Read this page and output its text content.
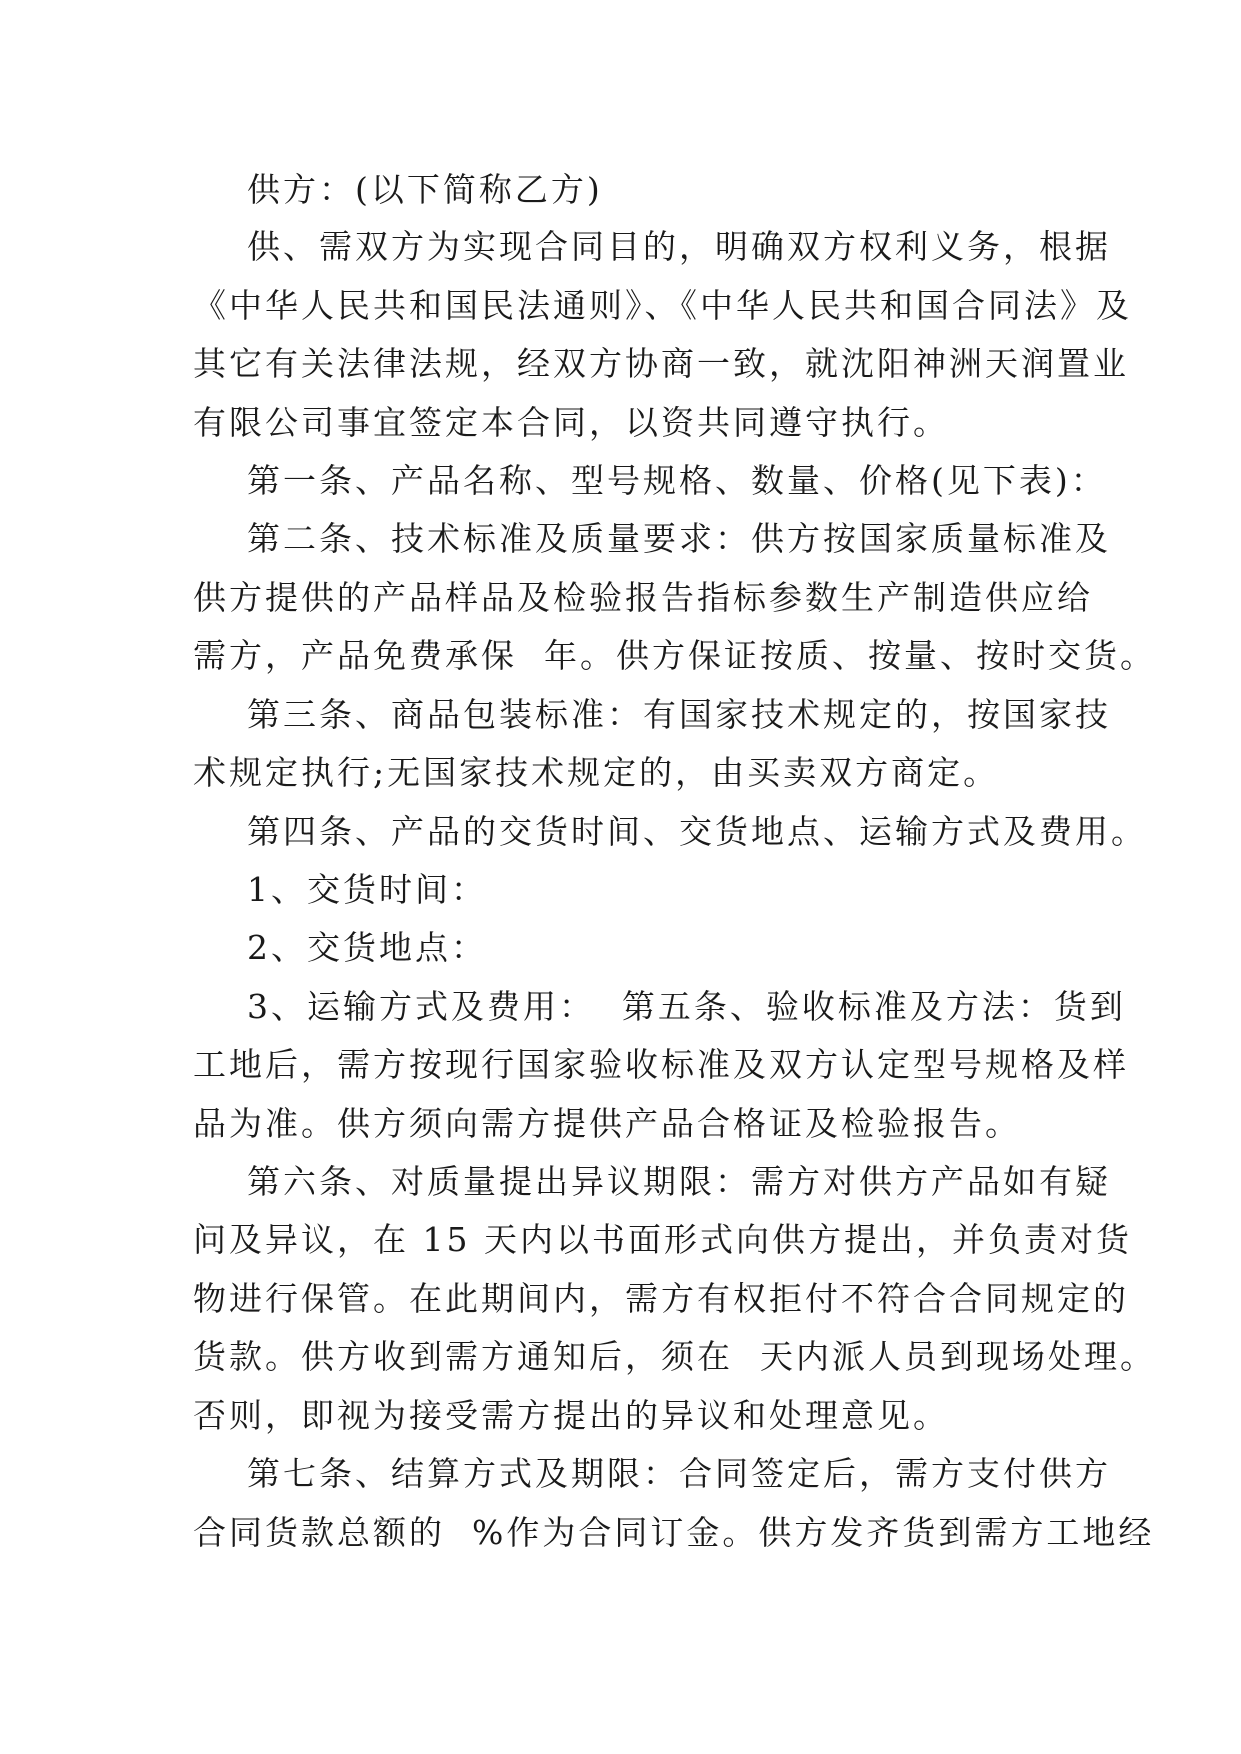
供方：(以下简称乙方)
供、需双方为实现合同目的，明确双方权利义务，根据
《中华人民共和国民法通则》、《中华人民共和国合同法》及
其它有关法律法规，经双方协商一致，就沈阳神洲天润置业
有限公司事宜签定本合同，以资共同遵守执行。
第一条、产品名称、型号规格、数量、价格(见下表)：
第二条、技术标准及质量要求：供方按国家质量标准及
供方提供的产品样品及检验报告指标参数生产制造供应给
需方，产品免费承保  年。供方保证按质、按量、按时交货。
第三条、商品包装标准：有国家技术规定的，按国家技
术规定执行;无国家技术规定的，由买卖双方商定。
第四条、产品的交货时间、交货地点、运输方式及费用。
1、交货时间：
2、交货地点：
3、运输方式及费用：  第五条、验收标准及方法：货到
工地后，需方按现行国家验收标准及双方认定型号规格及样
品为准。供方须向需方提供产品合格证及检验报告。
第六条、对质量提出异议期限：需方对供方产品如有疑
问及异议，在 15 天内以书面形式向供方提出，并负责对货
物进行保管。在此期间内，需方有权拒付不符合合同规定的
货款。供方收到需方通知后，须在  天内派人员到现场处理。
否则，即视为接受需方提出的异议和处理意见。
第七条、结算方式及期限：合同签定后，需方支付供方
合同货款总额的  %作为合同订金。供方发齐货到需方工地经
